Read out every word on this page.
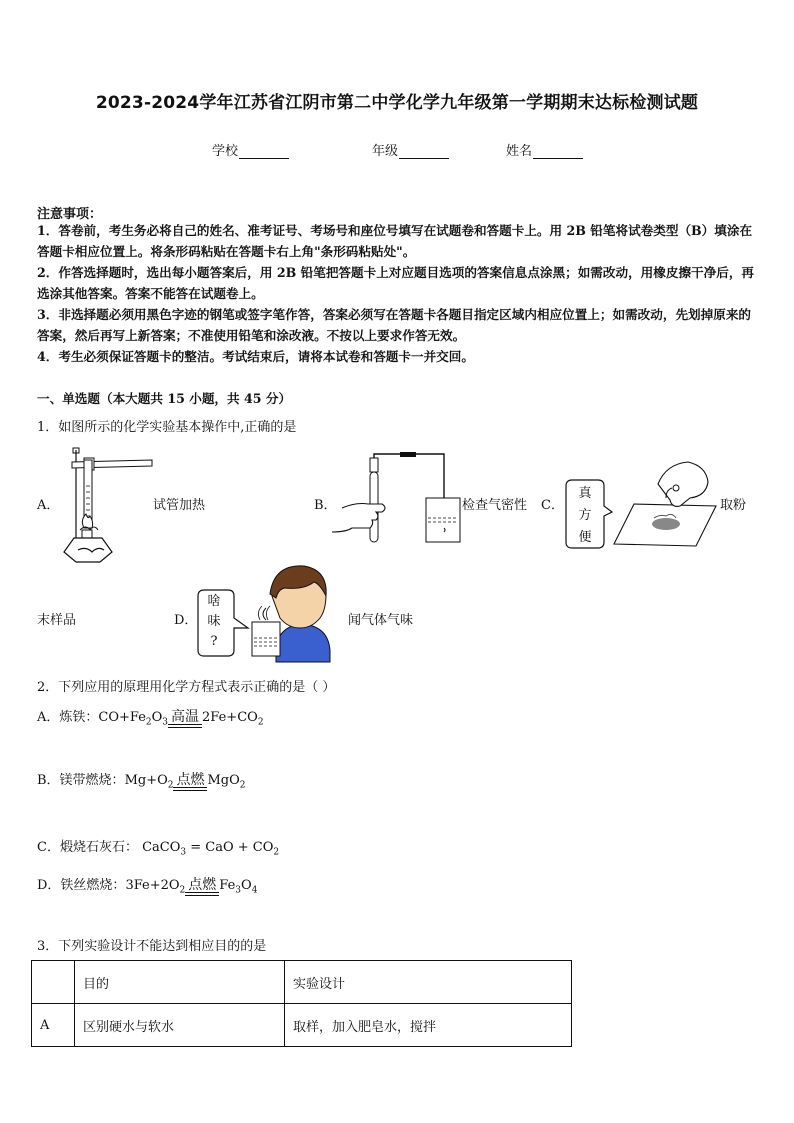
2023-2024学年江苏省江阴市第二中学化学九年级第一学期期末达标检测试题
学校	年级	姓名
注意事项：
1．答卷前，考生务必将自己的姓名、准考证号、考场号和座位号填写在试题卷和答题卡上。用 2B 铅笔将试卷类型（B）填涂在答题卡相应位置上。将条形码粘贴在答题卡右上角"条形码粘贴处"。
2．作答选择题时，选出每小题答案后，用 2B 铅笔把答题卡上对应题目选项的答案信息点涂黑；如需改动，用橡皮擦干净后，再选涂其他答案。答案不能答在试题卷上。
3．非选择题必须用黑色字迹的钢笔或签字笔作答，答案必须写在答题卡各题目指定区域内相应位置上；如需改动，先划掉原来的答案，然后再写上新答案；不准使用铅笔和涂改液。不按以上要求作答无效。
4．考生必须保证答题卡的整洁。考试结束后，请将本试卷和答题卡一并交回。
一、单选题（本大题共 15 小题，共 45 分）
1．如图所示的化学实验基本操作中,正确的是
A．	试管加热	B．	检查气密性 C．
真
方
便
取粉
末样品	D．
啥
味
?
闻气体气味
2．下列应用的原理用化学方程式表示正确的是（ ）
A．炼铁：$CO+Fe_2O_3$ 高温 $2Fe+CO_2$
B．镁带燃烧：$Mg+O_2$ 点燃 MgO$_2$
C．煅烧石灰石： CaCO$_3$ = CaO + $CO_2$
D．铁丝燃烧：$3Fe+2O_2$ 点燃 $Fe_3O_4$
3．下列实验设计不能达到相应目的的是
	目的	实验设计
A	区别硬水与软水	取样，加入肥皂水，搅拌
